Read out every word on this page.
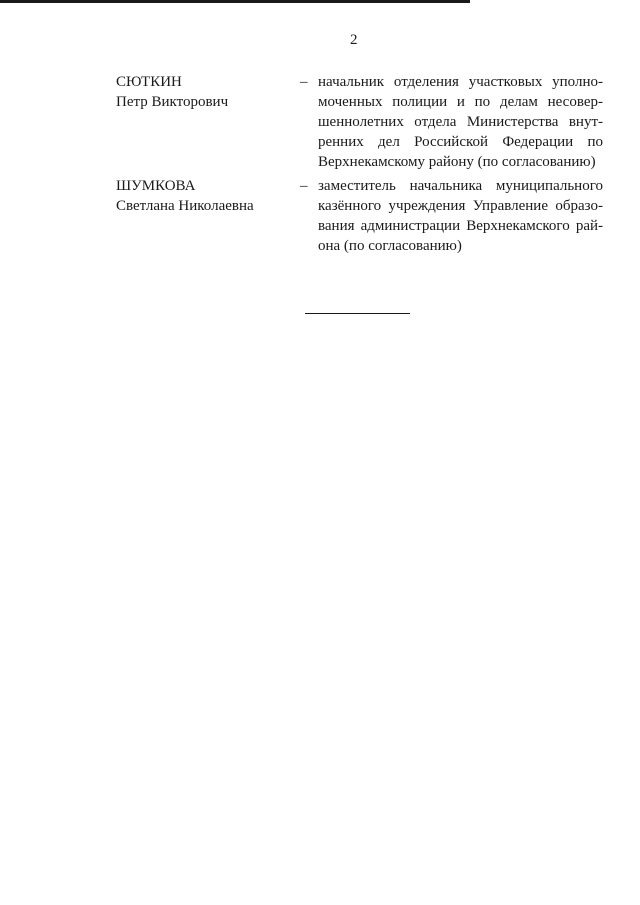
2
СЮТКИН
Петр Викторович
– начальник отделения участковых уполно-
моченных полиции и по делам несовер-
шеннолетних отдела Министерства внут-
ренних дел Российской Федерации по
Верхнекамскому району (по согласованию)
ШУМКОВА
Светлана Николаевна
– заместитель начальника муниципального
казённого учреждения Управление образо-
вания администрации Верхнекамского рай-
она (по согласованию)
